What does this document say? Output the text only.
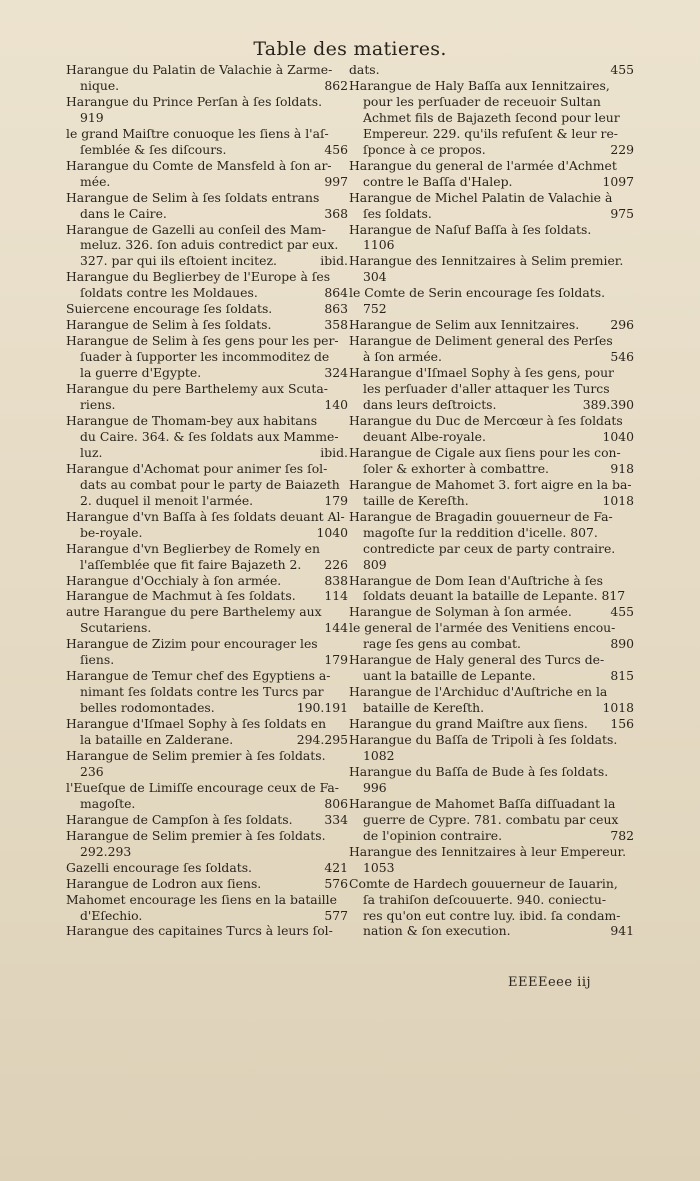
Table des matieres.
Harangue du Palatin de Valachie à Zarme-
nique.	862
Harangue du Prince Perſan à ſes ſoldats.
919
le grand Maiſtre conuoque les ſiens à l'aſ-
ſemblée & ſes diſcours.	456
Harangue du Comte de Mansfeld à ſon ar-
mée.	997
Harangue de Selim à ſes ſoldats entrans
dans le Caire.	368
Harangue de Gazelli au conſeil des Mam-
meluz. 326. ſon aduis contredict par eux.
327. par qui ils eſtoient incitez.	ibid.
Harangue du Beglierbey de l'Europe à ſes
ſoldats contre les Moldaues.	864
Suiercene encourage ſes ſoldats.	863
Harangue de Selim à ſes ſoldats.	358
Harangue de Selim à ſes gens pour les per-
ſuader à ſupporter les incommoditez de
la guerre d'Egypte.	324
Harangue du pere Barthelemy aux Scuta-
riens.	140
Harangue de Thomam-bey aux habitans
du Caire. 364. & ſes ſoldats aux Mamme-
luz.	ibid.
Harangue d'Achomat pour animer ſes ſol-
dats au combat pour le party de Baiazeth
2. duquel il menoit l'armée.	179
Harangue d'vn Baſſa à ſes ſoldats deuant Al-
be-royale.	1040
Harangue d'vn Beglierbey de Romely en
l'aſſemblée que fit faire Bajazeth 2.	226
Harangue d'Occhialy à ſon armée.	838
Harangue de Machmut à ſes ſoldats.	114
autre Harangue du pere Barthelemy aux
Scutariens.	144
Harangue de Zizim pour encourager les
ſiens.	179
Harangue de Temur chef des Egyptiens a-
nimant ſes ſoldats contre les Turcs par
belles rodomontades.	190.191
Harangue d'Iſmael Sophy à ſes ſoldats en
la bataille en Zalderane.	294.295
Harangue de Selim premier à ſes ſoldats.
236
l'Eueſque de Limiſſe encourage ceux de Fa-
magoſte.	806
Harangue de Campſon à ſes ſoldats.	334
Harangue de Selim premier à ſes ſoldats.
292.293
Gazelli encourage ſes ſoldats.	421
Harangue de Lodron aux ſiens.	576
Mahomet encourage les ſiens en la bataille
d'Eſechio.	577
Harangue des capitaines Turcs à leurs ſol-
dats.	455
Harangue de Haly Baſſa aux Iennitzaires,
pour les perſuader de receuoir Sultan
Achmet fils de Bajazeth ſecond pour leur
Empereur. 229. qu'ils refuſent & leur re-
ſponce à ce propos.	229
Harangue du general de l'armée d'Achmet
contre le Baſſa d'Halep.	1097
Harangue de Michel Palatin de Valachie à
ſes ſoldats.	975
Harangue de Naſuf Baſſa à ſes ſoldats.
1106
Harangue des Iennitzaires à Selim premier.
304
le Comte de Serin encourage ſes ſoldats.
752
Harangue de Selim aux Iennitzaires.	296
Harangue de Deliment general des Perſes
à ſon armée.	546
Harangue d'Iſmael Sophy à ſes gens, pour
les perſuader d'aller attaquer les Turcs
dans leurs deſtroicts.	389.390
Harangue du Duc de Mercœur à ſes ſoldats
deuant Albe-royale.	1040
Harangue de Cigale aux ſiens pour les con-
ſoler & exhorter à combattre.	918
Harangue de Mahomet 3. fort aigre en la ba-
taille de Kereſth.	1018
Harangue de Bragadin gouuerneur de Fa-
magoſte ſur la reddition d'icelle. 807.
contredicte par ceux de party contraire.
809
Harangue de Dom Iean d'Auſtriche à ſes
ſoldats deuant la bataille de Lepante. 817
Harangue de Solyman à ſon armée.	455
le general de l'armée des Venitiens encou-
rage ſes gens au combat.	890
Harangue de Haly general des Turcs de-
uant la bataille de Lepante.	815
Harangue de l'Archiduc d'Auſtriche en la
bataille de Kereſth.	1018
Harangue du grand Maiſtre aux ſiens.	156
Harangue du Baſſa de Tripoli à ſes ſoldats.
1082
Harangue du Baſſa de Bude à ſes ſoldats.
996
Harangue de Mahomet Baſſa diſſuadant la
guerre de Cypre. 781. combatu par ceux
de l'opinion contraire.	782
Harangue des Iennitzaires à leur Empereur.
1053
Comte de Hardech gouuerneur de Iauarin,
ſa trahiſon deſcouuerte. 940. coniectu-
res qu'on eut contre luy. ibid. ſa condam-
nation & ſon execution.	941
EEEEeee iij
